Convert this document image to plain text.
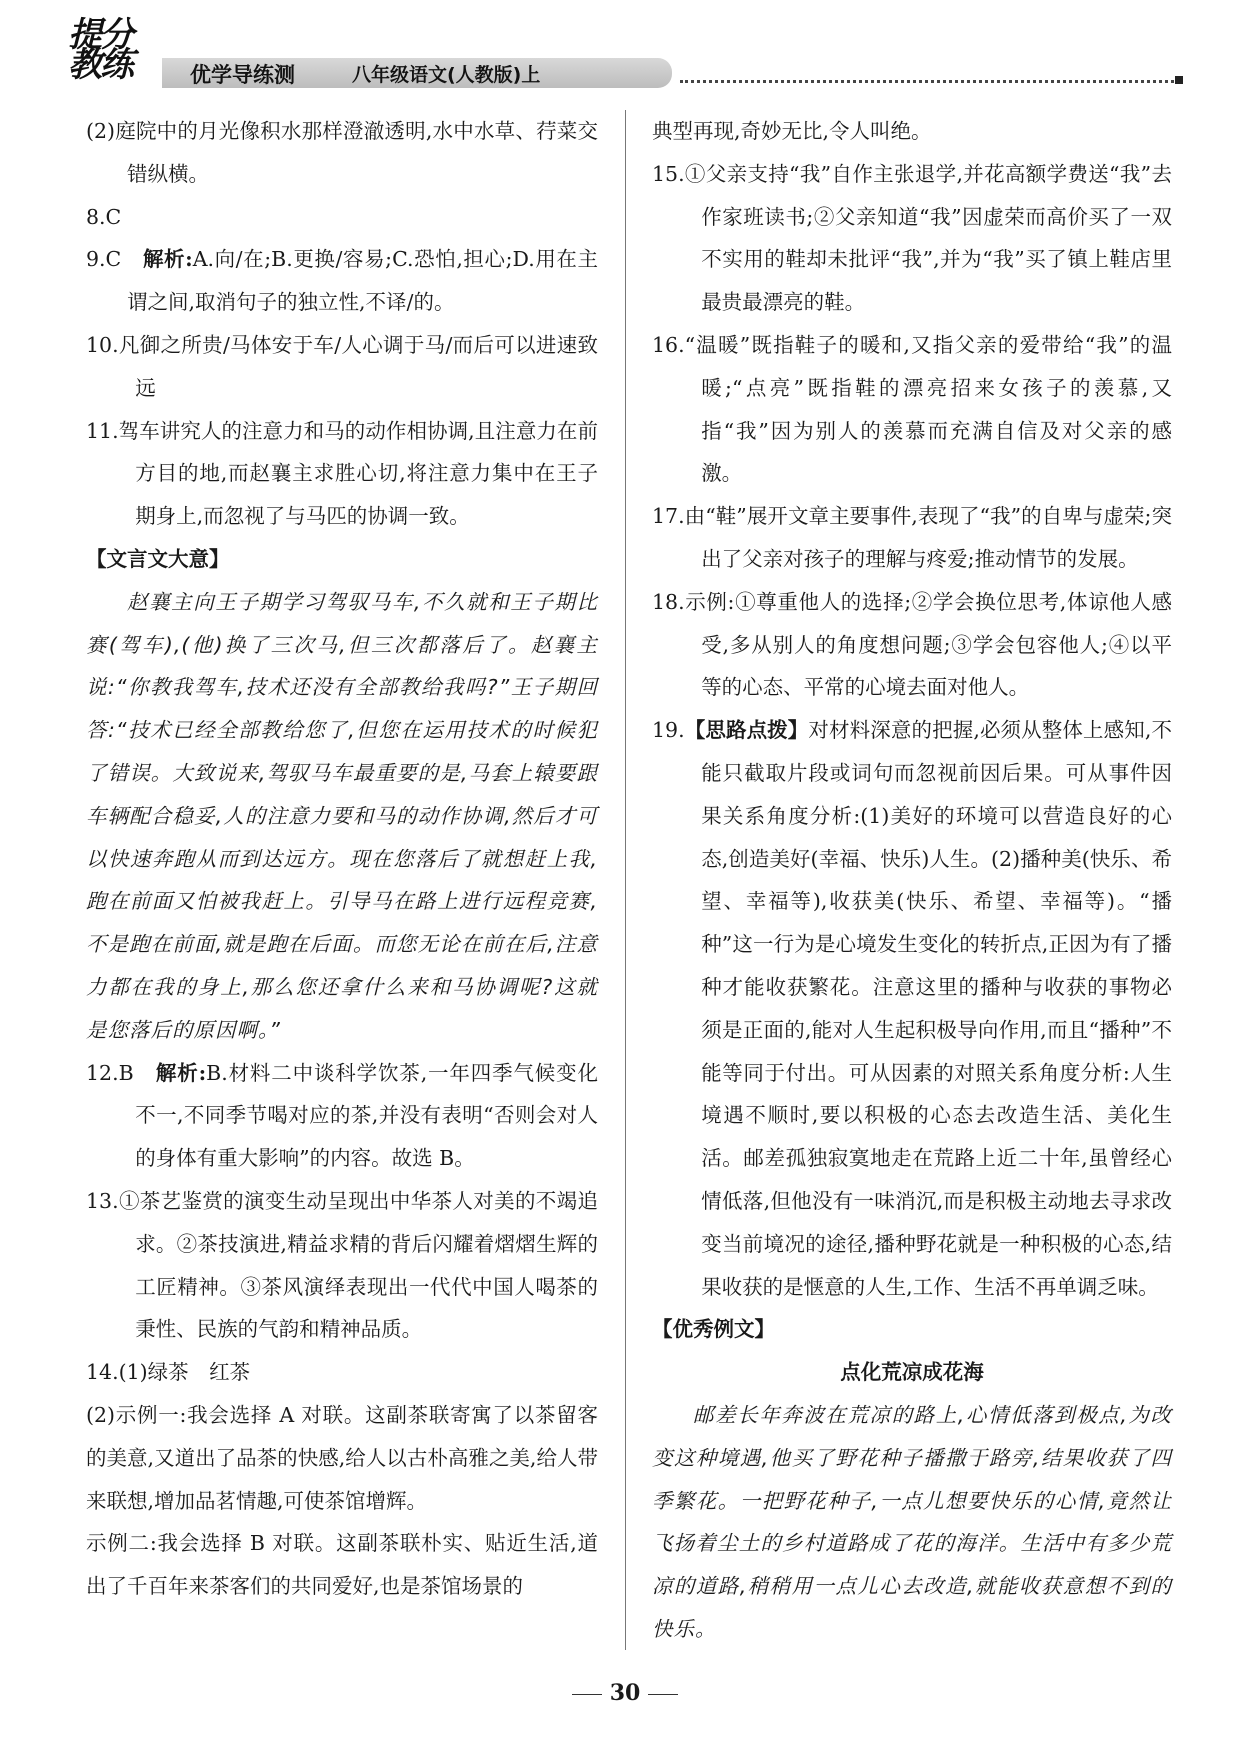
提分
教练	优学导练测	八年级语文(人教版)上

(2)庭院中的月光像积水那样澄澈透明,水中水草、荇菜交错纵横。

8.C

9.C　 解析:A.向/在;B.更换/容易;C.恐怕,担心;D.用在主谓之间,取消句子的独立性,不译/的。

10.凡御之所贵/马体安于车/人心调于马/而后可以进速致远

11.驾车讲究人的注意力和马的动作相协调,且注意力在前方目的地,而赵襄主求胜心切,将注意力集中在王子期身上,而忽视了与马匹的协调一致。

【文言文大意】

赵襄主向王子期学习驾驭马车,不久就和王子期比赛(驾车),(他)换了三次马,但三次都落后了。赵襄主说:“你教我驾车,技术还没有全部教给我吗?”王子期回答:“技术已经全部教给您了,但您在运用技术的时候犯了错误。大致说来,驾驭马车最重要的是,马套上辕要跟车辆配合稳妥,人的注意力要和马的动作协调,然后才可以快速奔跑从而到达远方。现在您落后了就想赶上我,跑在前面又怕被我赶上。引导马在路上进行远程竞赛,不是跑在前面,就是跑在后面。而您无论在前在后,注意力都在我的身上,那么您还拿什么来和马协调呢?这就是您落后的原因啊。”

12.B　 解析:B.材料二中谈科学饮茶,一年四季气候变化不一,不同季节喝对应的茶,并没有表明“否则会对人的身体有重大影响”的内容。故选 B。

13.①茶艺鉴赏的演变生动呈现出中华茶人对美的不竭追求。②茶技演进,精益求精的背后闪耀着熠熠生辉的工匠精神。③茶风演绎表现出一代代中国人喝茶的秉性、民族的气韵和精神品质。

14.(1)绿茶　红茶

(2)示例一:我会选择 A 对联。这副茶联寄寓了以茶留客的美意,又道出了品茶的快感,给人以古朴高雅之美,给人带来联想,增加品茗情趣,可使茶馆增辉。

示例二:我会选择 B 对联。这副茶联朴实、贴近生活,道出了千百年来茶客们的共同爱好,也是茶馆场景的

典型再现,奇妙无比,令人叫绝。

15.①父亲支持“我”自作主张退学,并花高额学费送“我”去作家班读书;②父亲知道“我”因虚荣而高价买了一双不实用的鞋却未批评“我”,并为“我”买了镇上鞋店里最贵最漂亮的鞋。

16.“温暖”既指鞋子的暖和,又指父亲的爱带给“我”的温暖;“点亮”既指鞋的漂亮招来女孩子的羡慕,又指“我”因为别人的羡慕而充满自信及对父亲的感激。

17.由“鞋”展开文章主要事件,表现了“我”的自卑与虚荣;突出了父亲对孩子的理解与疼爱;推动情节的发展。

18.示例:①尊重他人的选择;②学会换位思考,体谅他人感受,多从别人的角度想问题;③学会包容他人;④以平等的心态、平常的心境去面对他人。

19.【思路点拨】对材料深意的把握,必须从整体上感知,不能只截取片段或词句而忽视前因后果。可从事件因果关系角度分析:(1)美好的环境可以营造良好的心态,创造美好(幸福、快乐)人生。(2)播种美(快乐、希望、幸福等),收获美(快乐、希望、幸福等)。“播种”这一行为是心境发生变化的转折点,正因为有了播种才能收获繁花。注意这里的播种与收获的事物必须是正面的,能对人生起积极导向作用,而且“播种”不能等同于付出。可从因素的对照关系角度分析:人生境遇不顺时,要以积极的心态去改造生活、美化生活。邮差孤独寂寞地走在荒路上近二十年,虽曾经心情低落,但他没有一味消沉,而是积极主动地去寻求改变当前境况的途径,播种野花就是一种积极的心态,结果收获的是惬意的人生,工作、生活不再单调乏味。

【优秀例文】

点化荒凉成花海

邮差长年奔波在荒凉的路上,心情低落到极点,为改变这种境遇,他买了野花种子播撒于路旁,结果收获了四季繁花。一把野花种子,一点儿想要快乐的心情,竟然让飞扬着尘土的乡村道路成了花的海洋。生活中有多少荒凉的道路,稍稍用一点儿心去改造,就能收获意想不到的快乐。

30
